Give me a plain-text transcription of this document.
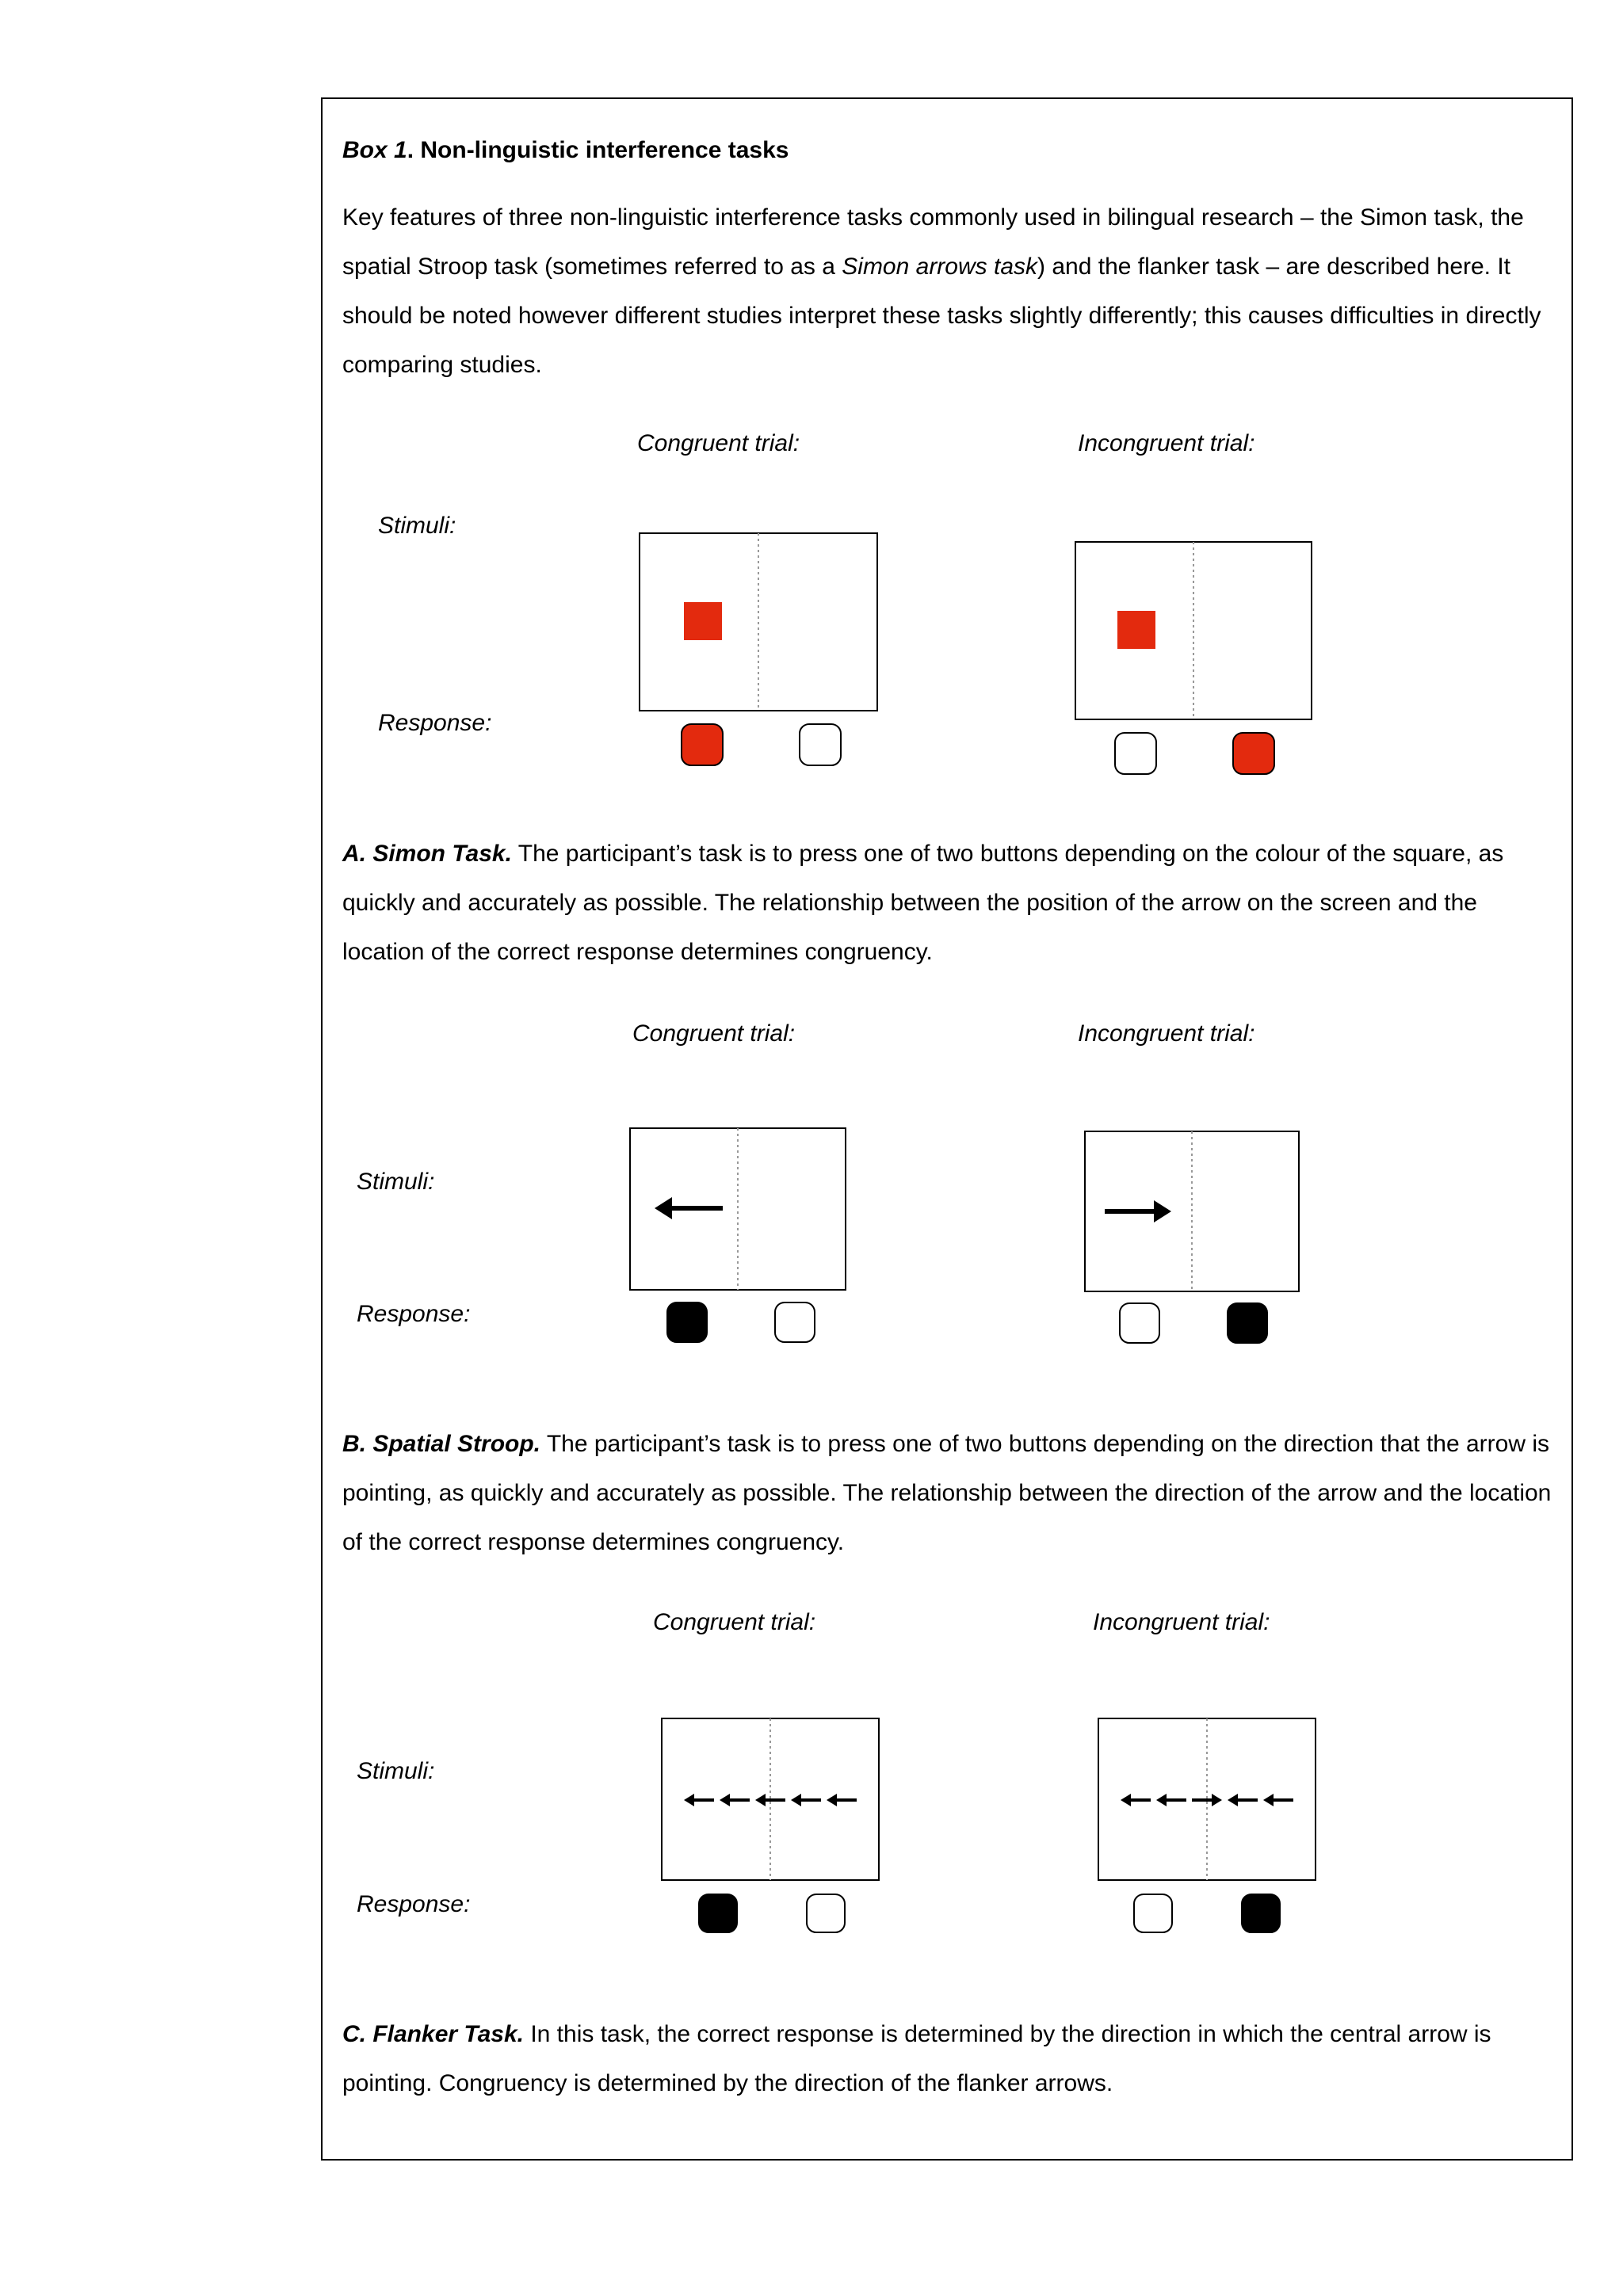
Box 1. Non-linguistic interference tasks
Key features of three non-linguistic interference tasks commonly used in bilingual research – the Simon task, the spatial Stroop task (sometimes referred to as a Simon arrows task) and the flanker task – are described here. It should be noted however different studies interpret these tasks slightly differently; this causes difficulties in directly comparing studies.
Congruent trial:	Incongruent trial:
Stimuli:
Response:
A. Simon Task. The participant’s task is to press one of two buttons depending on the colour of the square, as quickly and accurately as possible. The relationship between the position of the arrow on the screen and the location of the correct response determines congruency.
Congruent trial:	Incongruent trial:
Stimuli:
Response:
B. Spatial Stroop. The participant’s task is to press one of two buttons depending on the direction that the arrow is pointing, as quickly and accurately as possible. The relationship between the direction of the arrow and the location of the correct response determines congruency.
Congruent trial:	Incongruent trial:
Stimuli:
Response:
C. Flanker Task. In this task, the correct response is determined by the direction in which the central arrow is pointing. Congruency is determined by the direction of the flanker arrows.
